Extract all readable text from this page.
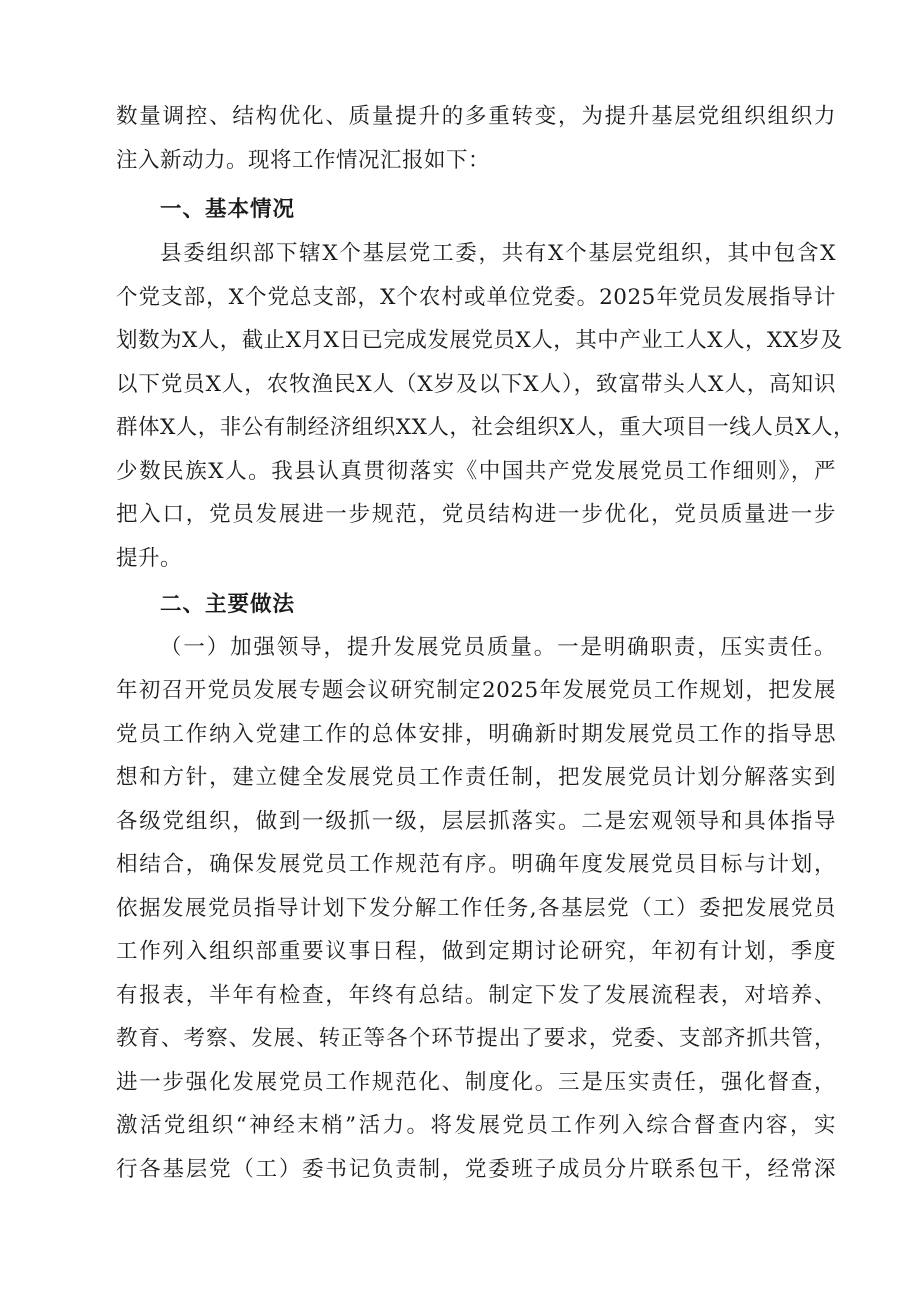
数量调控、结构优化、质量提升的多重转变，为提升基层党组织组织力
注入新动力。现将工作情况汇报如下：
一、基本情况
县委组织部下辖X个基层党工委，共有X个基层党组织，其中包含X
个党支部，X个党总支部，X个农村或单位党委。2025年党员发展指导计
划数为X人，截止X月X日已完成发展党员X人，其中产业工人X人，XX岁及
以下党员X人，农牧渔民X人（X岁及以下X人），致富带头人X人，高知识
群体X人，非公有制经济组织XX人，社会组织X人，重大项目一线人员X人，
少数民族X人。我县认真贯彻落实《中国共产党发展党员工作细则》，严
把入口，党员发展进一步规范，党员结构进一步优化，党员质量进一步
提升。
二、主要做法
（一）加强领导，提升发展党员质量。一是明确职责，压实责任。
年初召开党员发展专题会议研究制定2025年发展党员工作规划，把发展
党员工作纳入党建工作的总体安排，明确新时期发展党员工作的指导思
想和方针，建立健全发展党员工作责任制，把发展党员计划分解落实到
各级党组织，做到一级抓一级，层层抓落实。二是宏观领导和具体指导
相结合，确保发展党员工作规范有序。明确年度发展党员目标与计划，
依据发展党员指导计划下发分解工作任务,各基层党（工）委把发展党员
工作列入组织部重要议事日程，做到定期讨论研究，年初有计划，季度
有报表，半年有检查，年终有总结。制定下发了发展流程表，对培养、
教育、考察、发展、转正等各个环节提出了要求，党委、支部齐抓共管，
进一步强化发展党员工作规范化、制度化。三是压实责任，强化督查，
激活党组织“神经末梢”活力。将发展党员工作列入综合督查内容，实
行各基层党（工）委书记负责制，党委班子成员分片联系包干，经常深
